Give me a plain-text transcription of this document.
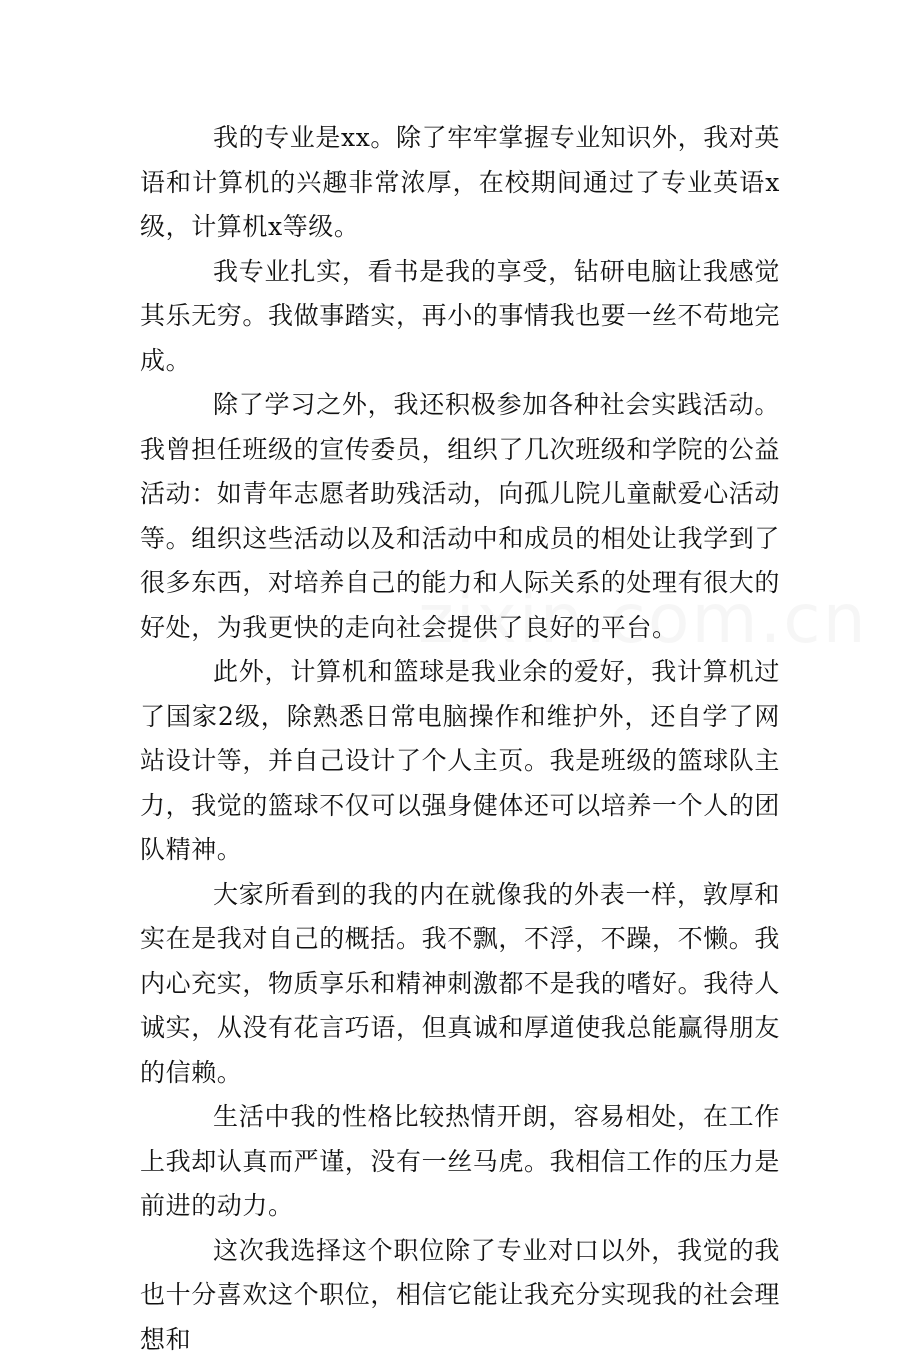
我的专业是xx。除了牢牢掌握专业知识外，我对英语和计算机的兴趣非常浓厚，在校期间通过了专业英语x级，计算机x等级。

我专业扎实，看书是我的享受，钻研电脑让我感觉其乐无穷。我做事踏实，再小的事情我也要一丝不苟地完成。

除了学习之外，我还积极参加各种社会实践活动。我曾担任班级的宣传委员，组织了几次班级和学院的公益活动：如青年志愿者助残活动，向孤儿院儿童献爱心活动等。组织这些活动以及和活动中和成员的相处让我学到了很多东西，对培养自己的能力和人际关系的处理有很大的好处，为我更快的走向社会提供了良好的平台。

此外，计算机和篮球是我业余的爱好，我计算机过了国家2级，除熟悉日常电脑操作和维护外，还自学了网站设计等，并自己设计了个人主页。我是班级的篮球队主力，我觉的篮球不仅可以强身健体还可以培养一个人的团队精神。

大家所看到的我的内在就像我的外表一样，敦厚和实在是我对自己的概括。我不飘，不浮，不躁，不懒。我内心充实，物质享乐和精神刺激都不是我的嗜好。我待人诚实，从没有花言巧语，但真诚和厚道使我总能赢得朋友的信赖。

生活中我的性格比较热情开朗，容易相处，在工作上我却认真而严谨，没有一丝马虎。我相信工作的压力是前进的动力。

这次我选择这个职位除了专业对口以外，我觉的我也十分喜欢这个职位，相信它能让我充分实现我的社会理想和
